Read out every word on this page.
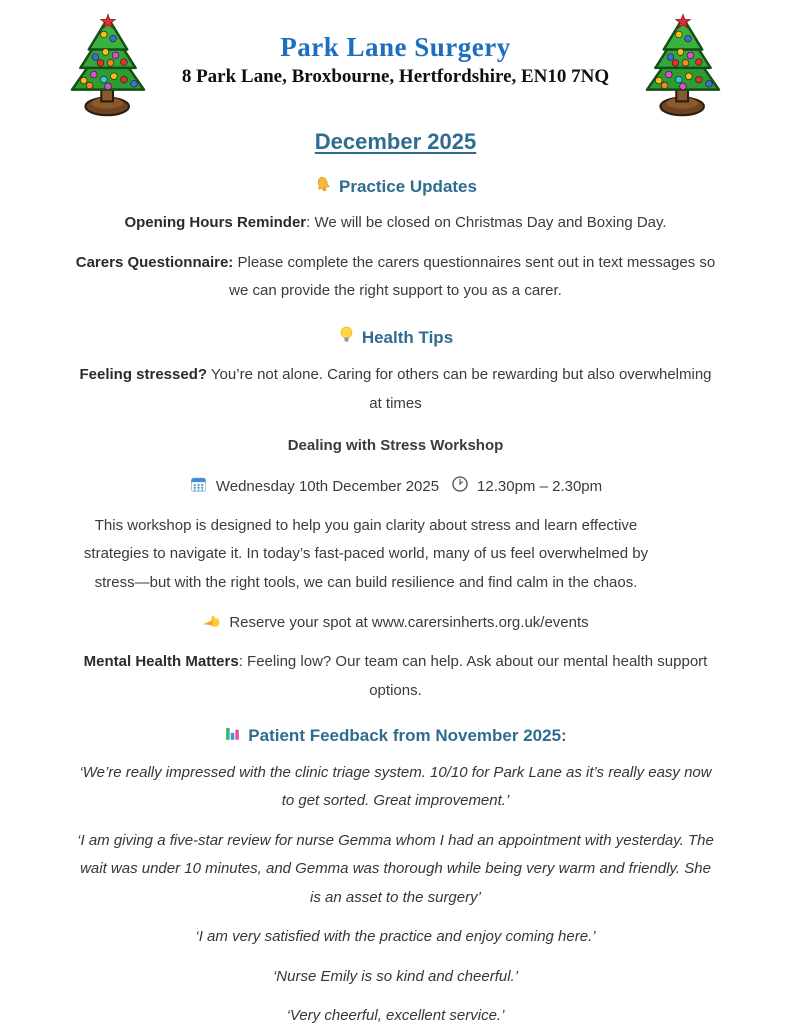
Park Lane Surgery
8 Park Lane, Broxbourne, Hertfordshire, EN10 7NQ
December 2025
Practice Updates

Opening Hours Reminder: We will be closed on Christmas Day and Boxing Day.

Carers Questionnaire: Please complete the carers questionnaires sent out in text messages so we can provide the right support to you as a carer.

Health Tips

Feeling stressed? You’re not alone. Caring for others can be rewarding but also overwhelming at times

Dealing with Stress Workshop

Wednesday 10th December 2025	12.30pm – 2.30pm

This workshop is designed to help you gain clarity about stress and learn effective strategies to navigate it. In today’s fast-paced world, many of us feel overwhelmed by stress—but with the right tools, we can build resilience and find calm in the chaos.

Reserve your spot at www.carersinherts.org.uk/events

Mental Health Matters: Feeling low? Our team can help. Ask about our mental health support options.

Patient Feedback from November 2025:

‘We’re really impressed with the clinic triage system. 10/10 for Park Lane as it’s really easy now to get sorted. Great improvement.’

‘I am giving a five-star review for nurse Gemma whom I had an appointment with yesterday. The wait was under 10 minutes, and Gemma was thorough while being very warm and friendly. She is an asset to the surgery’

‘I am very satisfied with the practice and enjoy coming here.’

‘Nurse Emily is so kind and cheerful.’

‘Very cheerful, excellent service.’
